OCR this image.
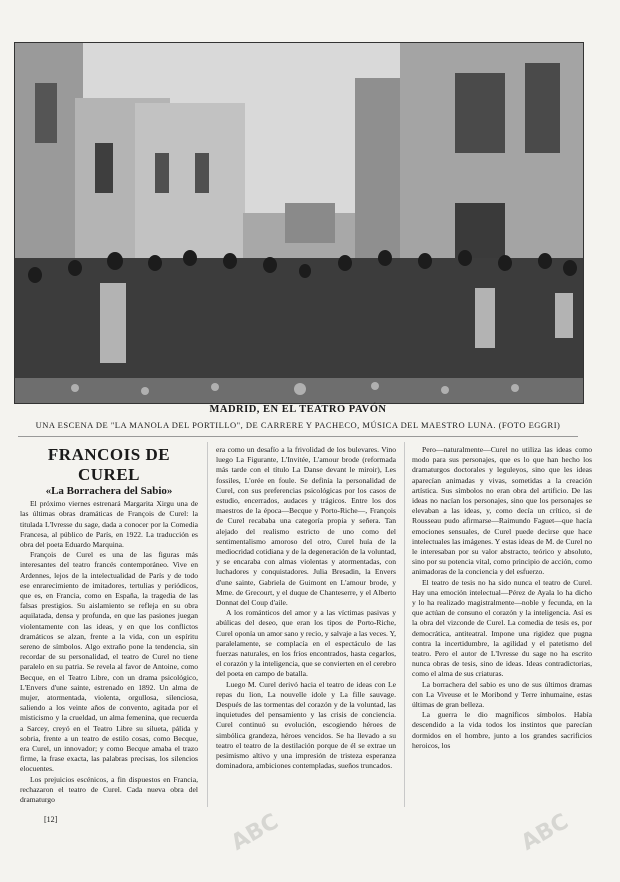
MADRID, EN EL TEATRO PAVÓN
UNA ESCENA DE "LA MANOLA DEL PORTILLO", DE CARRERE Y PACHECO, MÚSICA DEL MAESTRO LUNA. (FOTO EGGRI)
FRANCOIS DE CUREL
«La Borrachera del Sabio»

El próximo viernes estrenará Margarita Xirgu una de las últimas obras dramáticas de François de Curel: la titulada L'Ivresse du sage, dada a conocer por la Comedia Francesa, al público de París, en 1922. La traducción es obra del poeta Eduardo Marquina.

François de Curel es una de las figuras más interesantes del teatro francés contemporáneo. Vive en Ardennes, lejos de la intelectualidad de París y de todo ese enrarecimiento de imitadores, tertulias y periódicos, que es, en Francia, como en España, la tragedia de las falsas prestigios. Su aislamiento se refleja en su obra aquilatada, densa y profunda, en que las pasiones juegan violentamente con las ideas, y en que los conflictos dramáticos se alzan, frente a la vida, con un espíritu sereno de símbolos. Algo extraño pone la tendencia, sin recordar de su personalidad, el teatro de Curel no tiene paralelo en su patria. Se revela al favor de Antoine, como Becque, en el Teatro Libre, con un drama psicológico, L'Envers d'une sainte, estrenado en 1892. Un alma de mujer, atormentada, violenta, orgullosa, silenciosa, saliendo a los veinte años de convento, agitada por el misticismo y la crueldad, un alma femenina, que recuerda a Sarcey, creyó en el Teatro Libre su silueta, pálida y sobria, frente a un teatro de estilo cosas, como Becque, era Curel, un innovador; y como Becque amaba el trazo firme, la frase exacta, las palabras precisas, los silencios elocuentes.

Los prejuicios escénicos, a fin dispuestos en Francia, rechazaron el teatro de Curel. Cada nueva obra del dramaturgo

era como un desafío a la frivolidad de los bulevares. Vino luego La Figurante, L'Invitée, L'amour brode (reformada más tarde con el título La Danse devant le miroir), Les fossiles, L'orée en foule. Se definía la personalidad de Curel, con sus preferencias psicológicas por los casos de estudio, encerrados, audaces y trágicos. Entre los dos maestros de la época—Becque y Porto-Riche—, François de Curel recababa una categoría propia y señera. Tan alejado del realismo estricto de uno como del sentimentalismo amoroso del otro, Curel huía de la mediocridad cotidiana y de la degeneración de la voluntad, y se encaraba con almas violentas y atormentadas, con luchadores y conquistadores. Julia Bresadin, la Envers d'une sainte, Gabriela de Guimont en L'amour brode, y Mme. de Grecourt, y el duque de Chanteserre, y el Alberto Donnat del Coup d'aile.

A los románticos del amor y a las víctimas pasivas y abúlicas del deseo, que eran los tipos de Porto-Riche, Curel oponía un amor sano y recio, y salvaje a las veces. Y, paralelamente, se complacía en el espectáculo de las fuerzas naturales, en los fríos encontrados, hasta cegarlos, el corazón y la inteligencia, que se convierten en el cerebro del poeta en campo de batalla.

Luego M. Curel derivó hacia el teatro de ideas con Le repas du lion, La nouvelle idole y La fille sauvage. Después de las tormentas del corazón y de la voluntad, las inquietudes del pensamiento y las crisis de conciencia. Curel continuó su evolución, escogiendo héroes de simbólica grandeza, héroes vencidos. Se ha llevado a su teatro el teatro de la destilación porque de él se extrae un pesimismo altivo y una impresión de tristeza esperanza dominadora, ambiciones contempladas, sueños truncados.

Pero—naturalmente—Curel no utiliza las ideas como modo para sus personajes, que es lo que han hecho los dramaturgos doctorales y leguleyos, sino que les ideas aparecían animadas y vivas, sometidas a la creación artística. Sus símbolos no eran obra del artificio. De las ideas no nacían los personajes, sino que los personajes se elevaban a las ideas, y, como decía un crítico, si de Rousseau pudo afirmarse—Raimundo Faguet—que hacía emociones sensuales, de Curel puede decirse que hace intelectuales las imágenes. Y estas ideas de M. de Curel no le interesaban por su valor abstracto, teórico y absoluto, sino por su potencia vital, como principio de acción, como animadoras de la conciencia y del esfuerzo.

El teatro de tesis no ha sido nunca el teatro de Curel. Hay una emoción intelectual—Pérez de Ayala lo ha dicho y lo ha realizado magistralmente—noble y fecunda, en la que actúan de consuno el corazón y la inteligencia. Así es la obra del vizconde de Curel. La comedia de tesis es, por democrática, antiteatral. Impone una rigidez que pugna contra la incertidumbre, la agilidad y el patetismo del teatro. Pero el autor de L'Ivresse du sage no ha escrito nunca obras de tesis, sino de ideas. Ideas contradictorias, como el alma de sus criaturas.

La borrachera del sabio es uno de sus últimos dramas con La Viveuse et le Moribond y Terre inhumaine, estas últimas de gran belleza.

La guerra le dio magníficos símbolos. Había descendido a la vida todos los instintos que parecían dormidos en el hombre, junto a los grandes sacrificios heroicos, los

[12]	ABC	ABC
